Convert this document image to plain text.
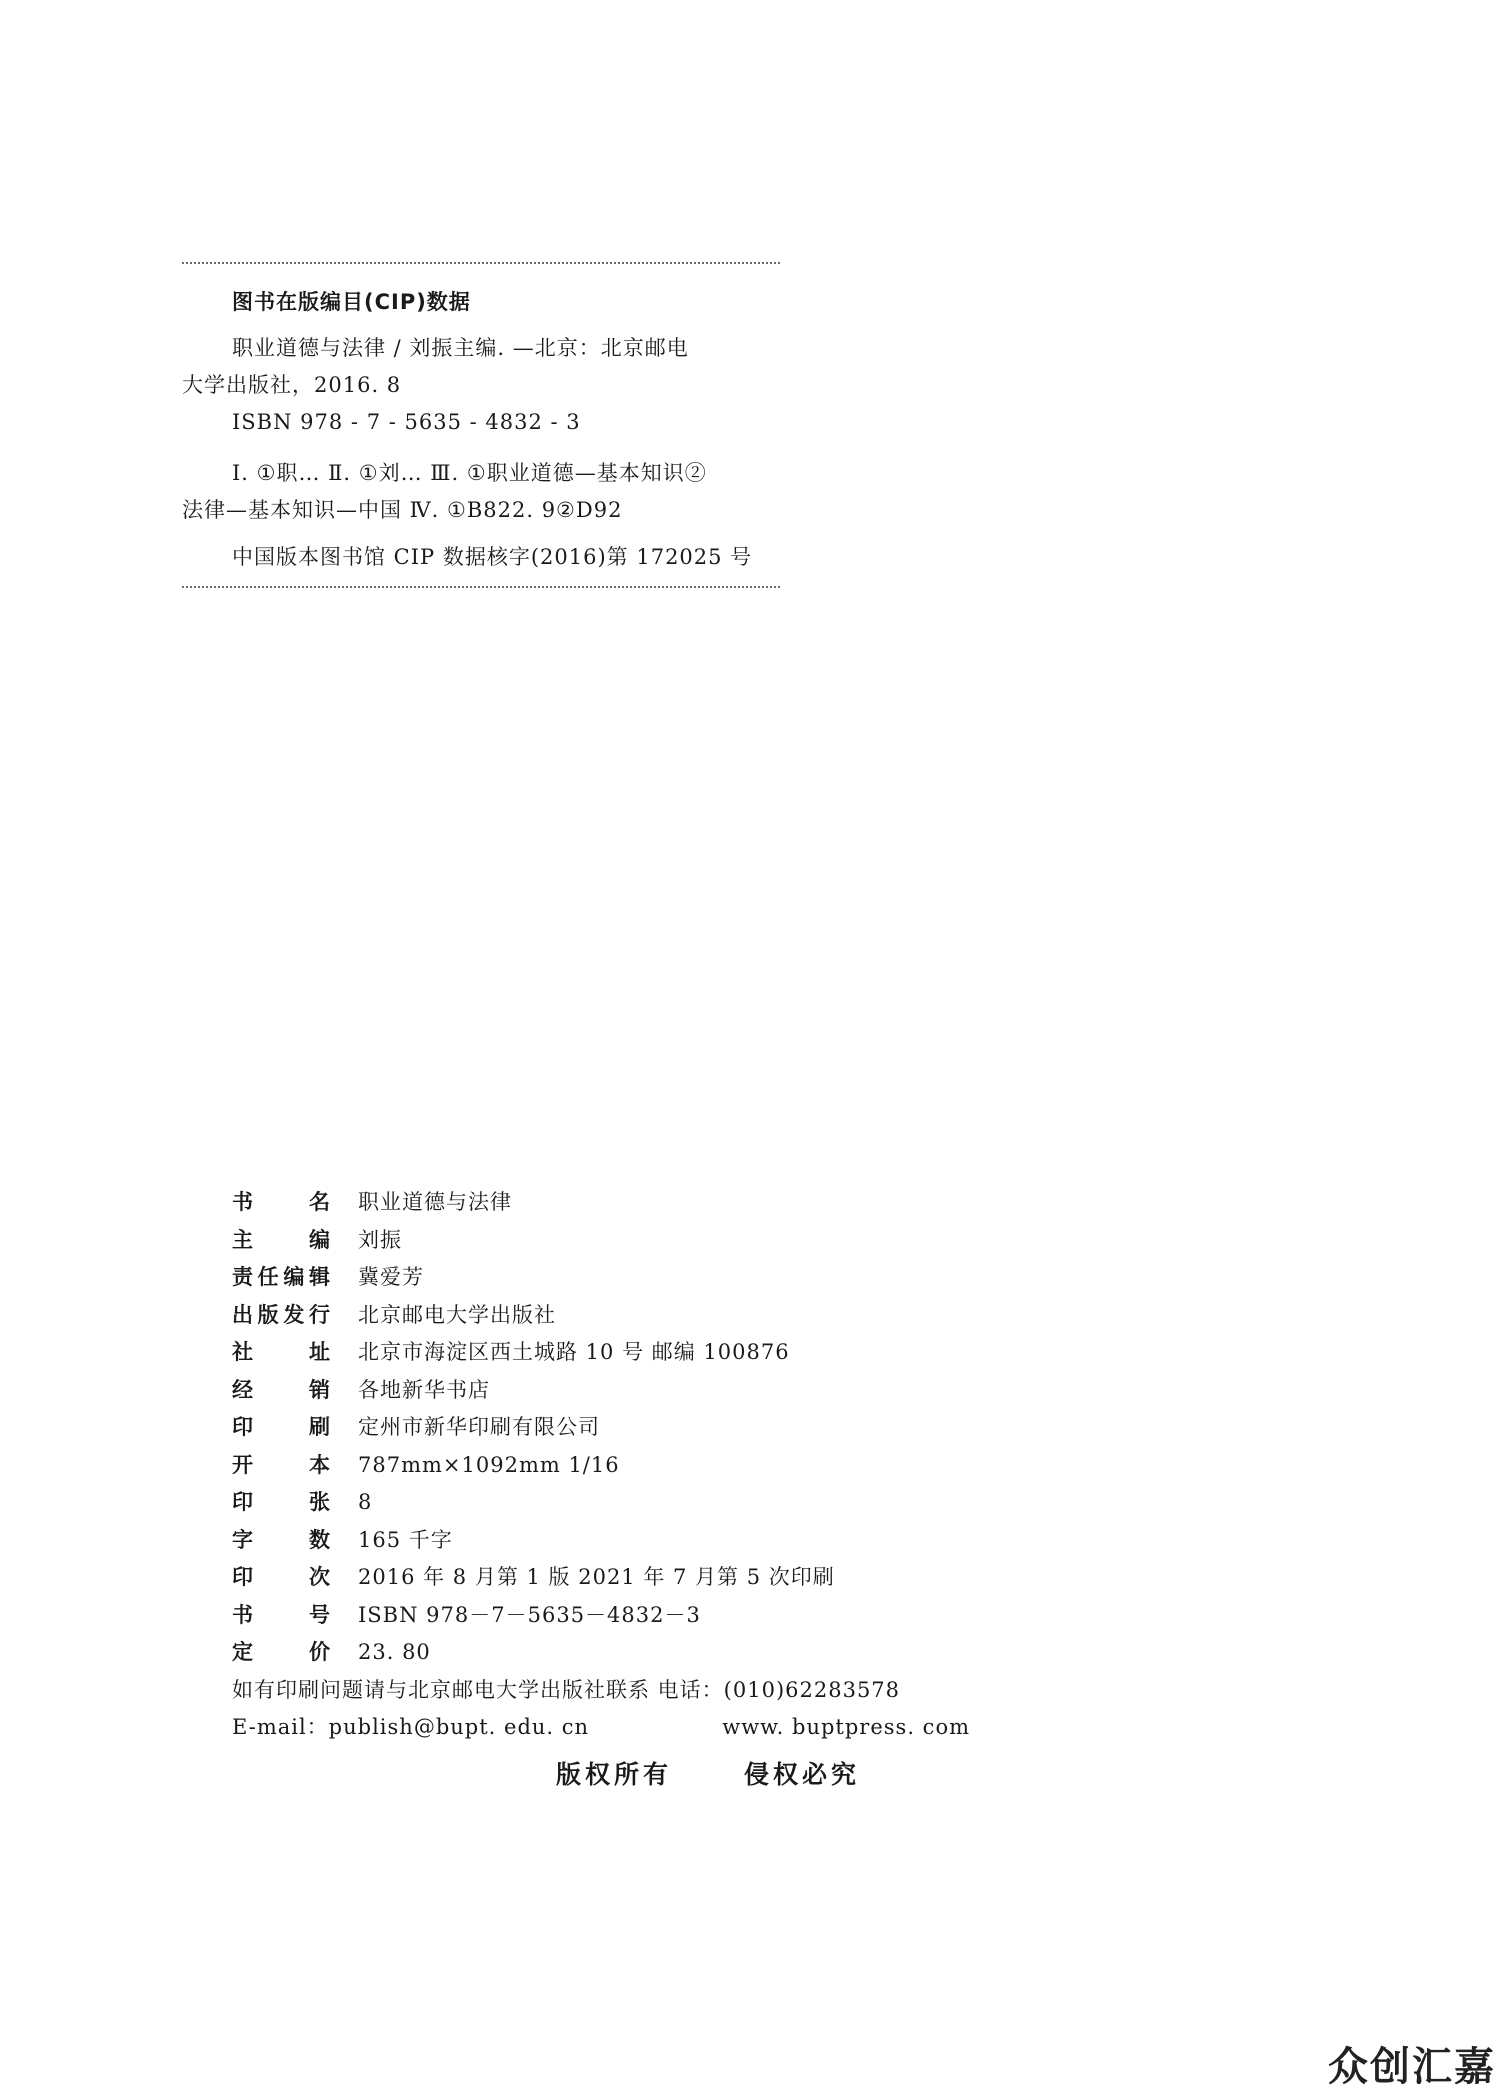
图书在版编目(CIP)数据
职业道德与法律 / 刘振主编. —北京：北京邮电
大学出版社，2016. 8
ISBN 978 - 7 - 5635 - 4832 - 3
Ⅰ. ①职… Ⅱ. ①刘… Ⅲ. ①职业道德—基本知识②
法律—基本知识—中国 Ⅳ. ①B822. 9②D92
中国版本图书馆 CIP 数据核字(2016)第 172025 号
书	名 职业道德与法律
主	编 刘振
责 任 编 辑 冀爱芳
出 版 发 行 北京邮电大学出版社
社	址 北京市海淀区西土城路 10 号 邮编 100876
经	销 各地新华书店
印	刷 定州市新华印刷有限公司
开	本 787mm×1092mm 1/16
印	张 8
字	数 165 千字
印	次 2016 年 8 月第 1 版 2021 年 7 月第 5 次印刷
书	号 ISBN 978－7－5635－4832－3
定	价 23. 80
如有印刷问题请与北京邮电大学出版社联系 电话：(010)62283578
E-mail：publish@bupt. edu. cn	www. buptpress. com
版权所有	侵权必究
众创汇嘉
